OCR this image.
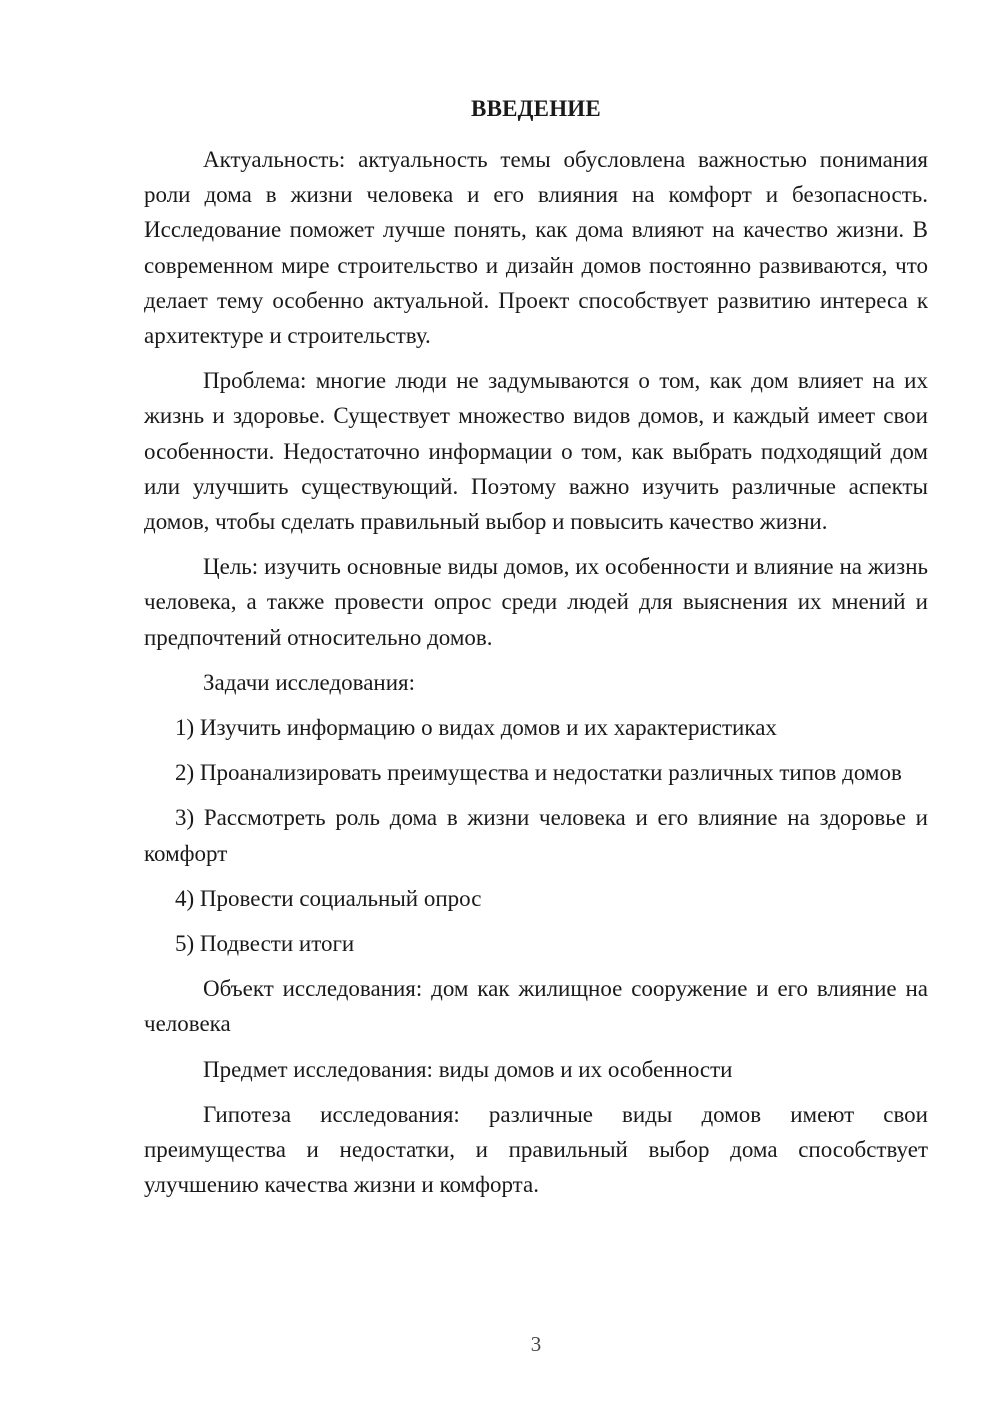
ВВЕДЕНИЕ

Актуальность: актуальность темы обусловлена важностью понимания роли дома в жизни человека и его влияния на комфорт и безопасность. Исследование поможет лучше понять, как дома влияют на качество жизни. В современном мире строительство и дизайн домов постоянно развиваются, что делает тему особенно актуальной. Проект способствует развитию интереса к архитектуре и строительству.

Проблема: многие люди не задумываются о том, как дом влияет на их жизнь и здоровье. Существует множество видов домов, и каждый имеет свои особенности. Недостаточно информации о том, как выбрать подходящий дом или улучшить существующий. Поэтому важно изучить различные аспекты домов, чтобы сделать правильный выбор и повысить качество жизни.

Цель: изучить основные виды домов, их особенности и влияние на жизнь человека, а также провести опрос среди людей для выяснения их мнений и предпочтений относительно домов.

Задачи исследования:

1) Изучить информацию о видах домов и их характеристиках

2) Проанализировать преимущества и недостатки различных типов домов

3) Рассмотреть роль дома в жизни человека и его влияние на здоровье и комфорт

4) Провести социальный опрос

5) Подвести итоги

Объект исследования: дом как жилищное сооружение и его влияние на человека

Предмет исследования: виды домов и их особенности

Гипотеза исследования: различные виды домов имеют свои преимущества и недостатки, и правильный выбор дома способствует улучшению качества жизни и комфорта.

3
